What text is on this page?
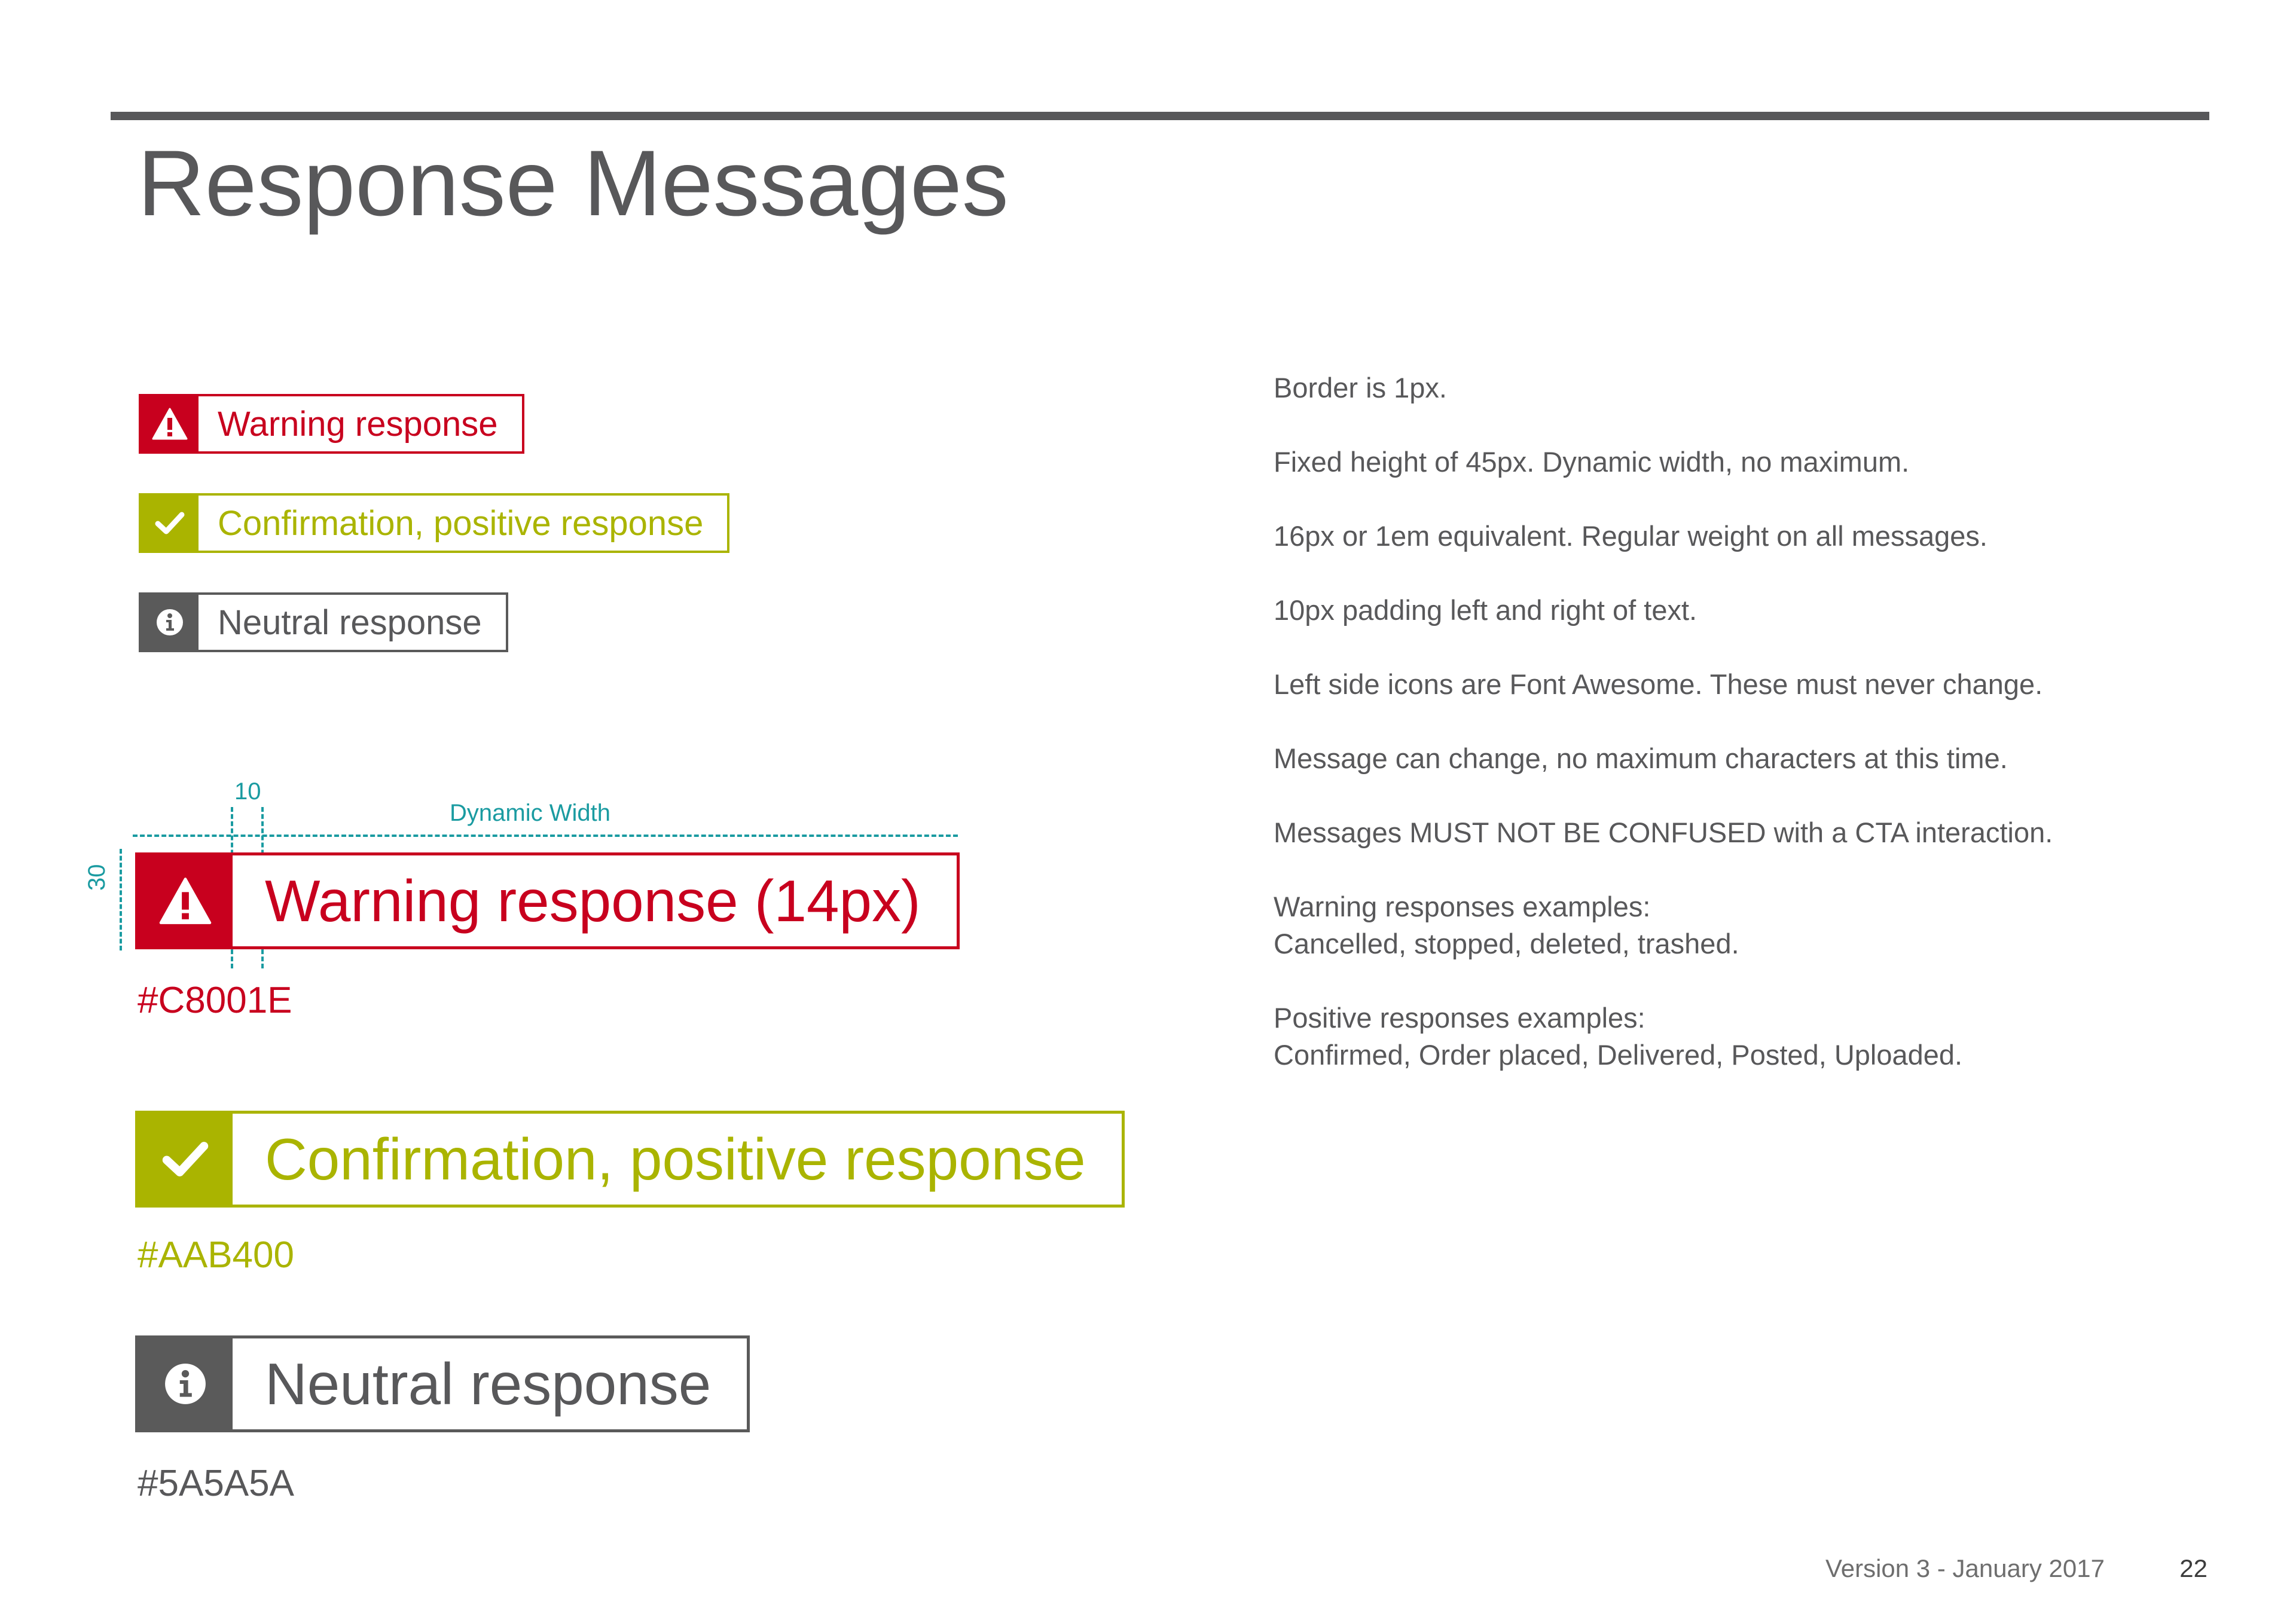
Response Messages
Warning response
Confirmation, positive response
Neutral response
10
Dynamic Width
30	Warning response (14px)
#C8001E
Confirmation, positive response
#AAB400
Neutral response
#5A5A5A

Border is 1px.

Fixed height of 45px. Dynamic width, no maximum.

16px or 1em equivalent. Regular weight on all messages.

10px padding left and right of text.

Left side icons are Font Awesome. These must never change.

Message can change, no maximum characters at this time.

Messages MUST NOT BE CONFUSED with a CTA interaction.

Warning responses examples:
Cancelled, stopped, deleted, trashed.

Positive responses examples:
Confirmed, Order placed, Delivered, Posted, Uploaded.

Version 3 - January 2017	22
